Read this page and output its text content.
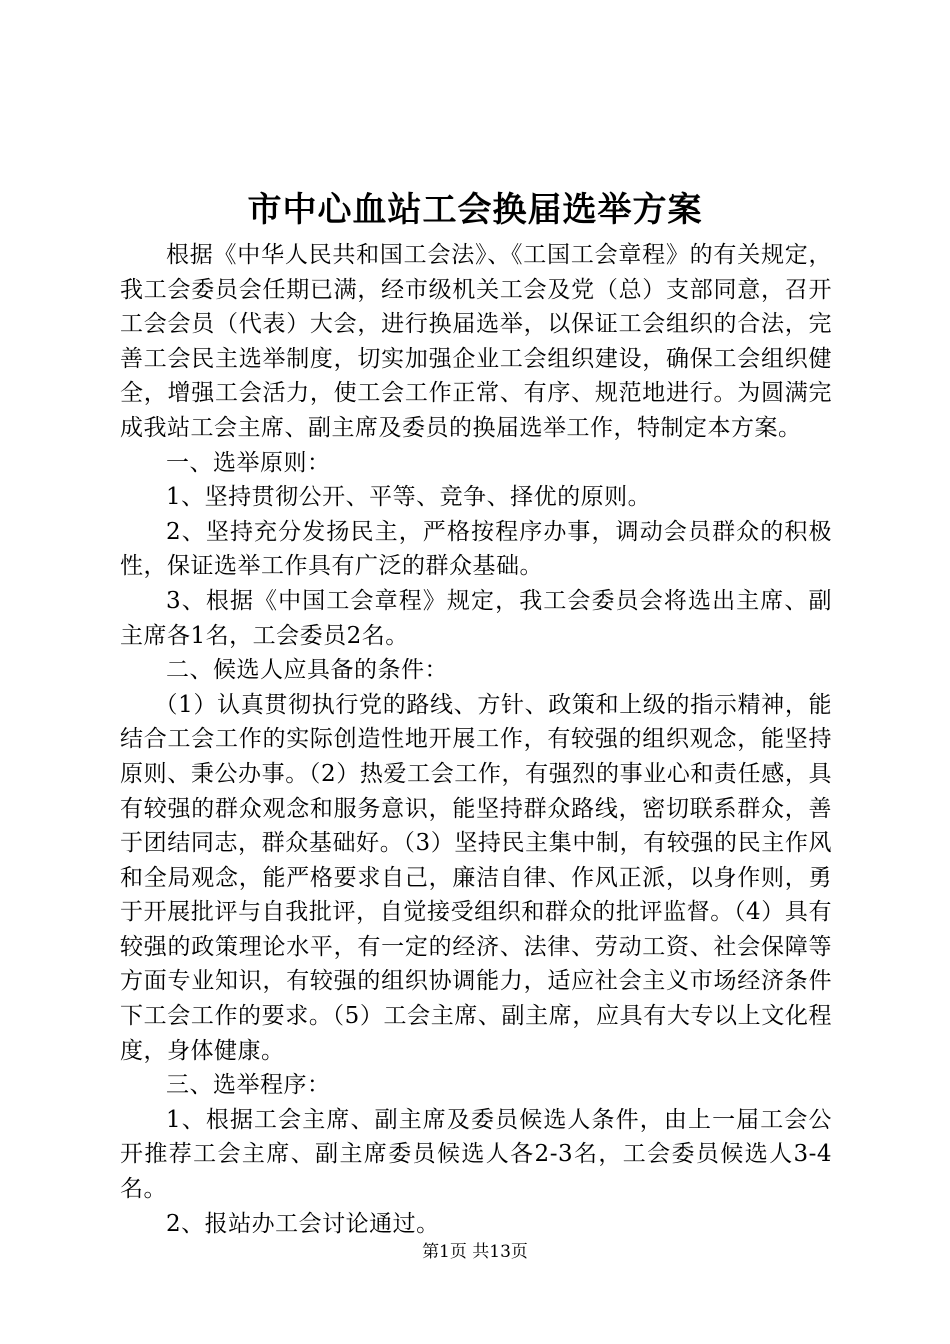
市中心血站工会换届选举方案

根据《中华人民共和国工会法》、《工国工会章程》的有关规定，我工会委员会任期已满，经市级机关工会及党（总）支部同意，召开工会会员（代表）大会，进行换届选举，以保证工会组织的合法，完善工会民主选举制度，切实加强企业工会组织建设，确保工会组织健全，增强工会活力，使工会工作正常、有序、规范地进行。为圆满完成我站工会主席、副主席及委员的换届选举工作，特制定本方案。

一、选举原则：

1、坚持贯彻公开、平等、竞争、择优的原则。

2、坚持充分发扬民主，严格按程序办事，调动会员群众的积极性，保证选举工作具有广泛的群众基础。

3、根据《中国工会章程》规定，我工会委员会将选出主席、副主席各1名，工会委员2名。

二、候选人应具备的条件：

（1）认真贯彻执行党的路线、方针、政策和上级的指示精神，能结合工会工作的实际创造性地开展工作，有较强的组织观念，能坚持原则、秉公办事。（2）热爱工会工作，有强烈的事业心和责任感，具有较强的群众观念和服务意识，能坚持群众路线，密切联系群众，善于团结同志，群众基础好。（3）坚持民主集中制，有较强的民主作风和全局观念，能严格要求自己，廉洁自律、作风正派，以身作则，勇于开展批评与自我批评，自觉接受组织和群众的批评监督。（4）具有较强的政策理论水平，有一定的经济、法律、劳动工资、社会保障等方面专业知识，有较强的组织协调能力，适应社会主义市场经济条件下工会工作的要求。（5）工会主席、副主席，应具有大专以上文化程度，身体健康。

三、选举程序：

1、根据工会主席、副主席及委员候选人条件，由上一届工会公开推荐工会主席、副主席委员候选人各2-3名，工会委员候选人3-4名。

2、报站办工会讨论通过。

第1页 共13页
